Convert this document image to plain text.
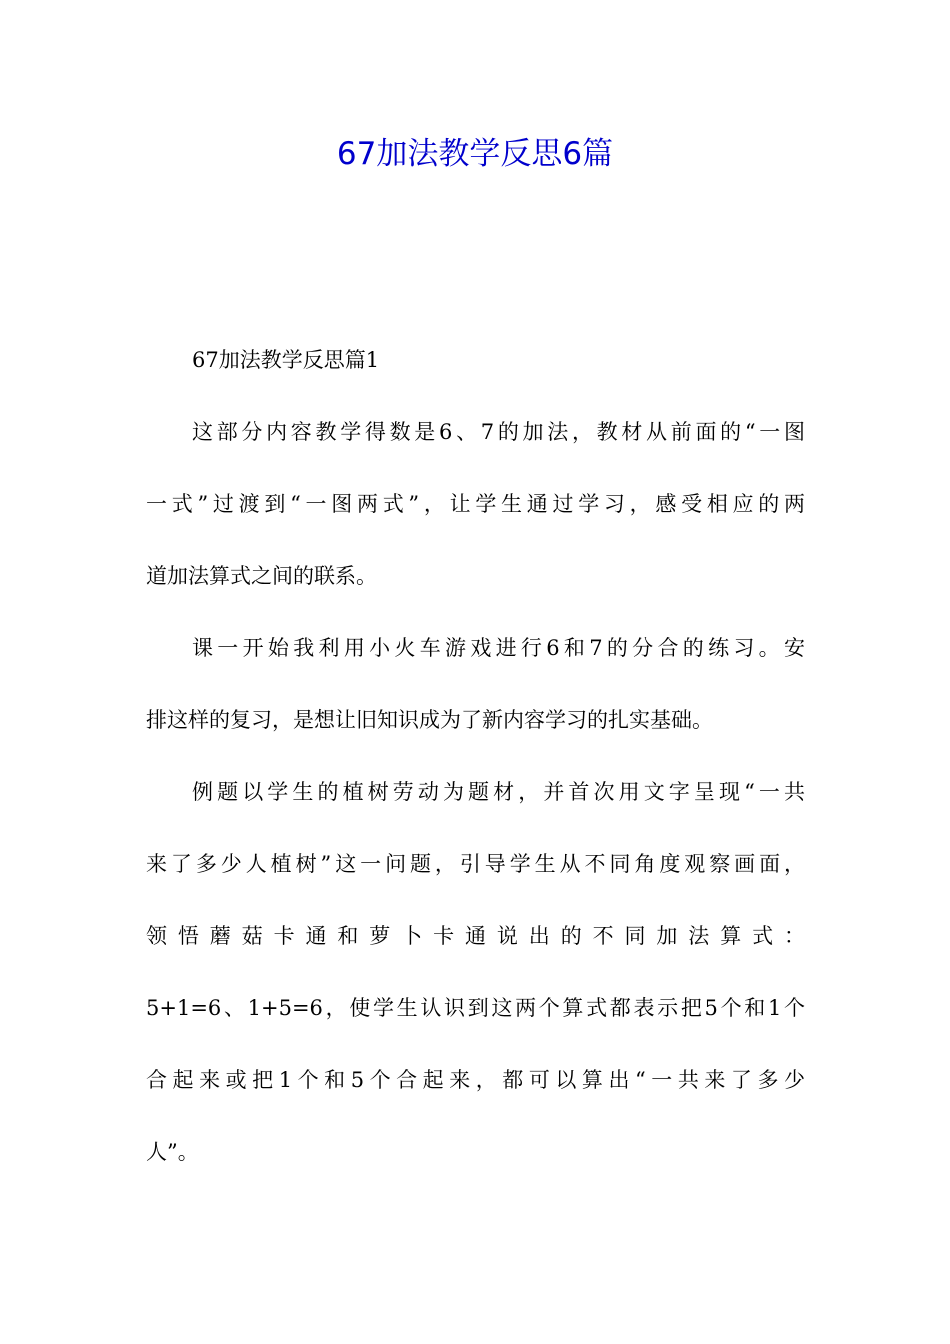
67加法教学反思6篇
67加法教学反思篇1
这部分内容教学得数是6、7的加法，教材从前面的“一图
一式”过渡到“一图两式”，让学生通过学习，感受相应的两
道加法算式之间的联系。
课一开始我利用小火车游戏进行6和7的分合的练习。安
排这样的复习，是想让旧知识成为了新内容学习的扎实基础。
例题以学生的植树劳动为题材，并首次用文字呈现“一共
来了多少人植树”这一问题，引导学生从不同角度观察画面，
领悟蘑菇卡通和萝卜卡通说出的不同加法算式：
5+1=6、1+5=6，使学生认识到这两个算式都表示把5个和1个
合起来或把1个和5个合起来，都可以算出“一共来了多少
人”。
